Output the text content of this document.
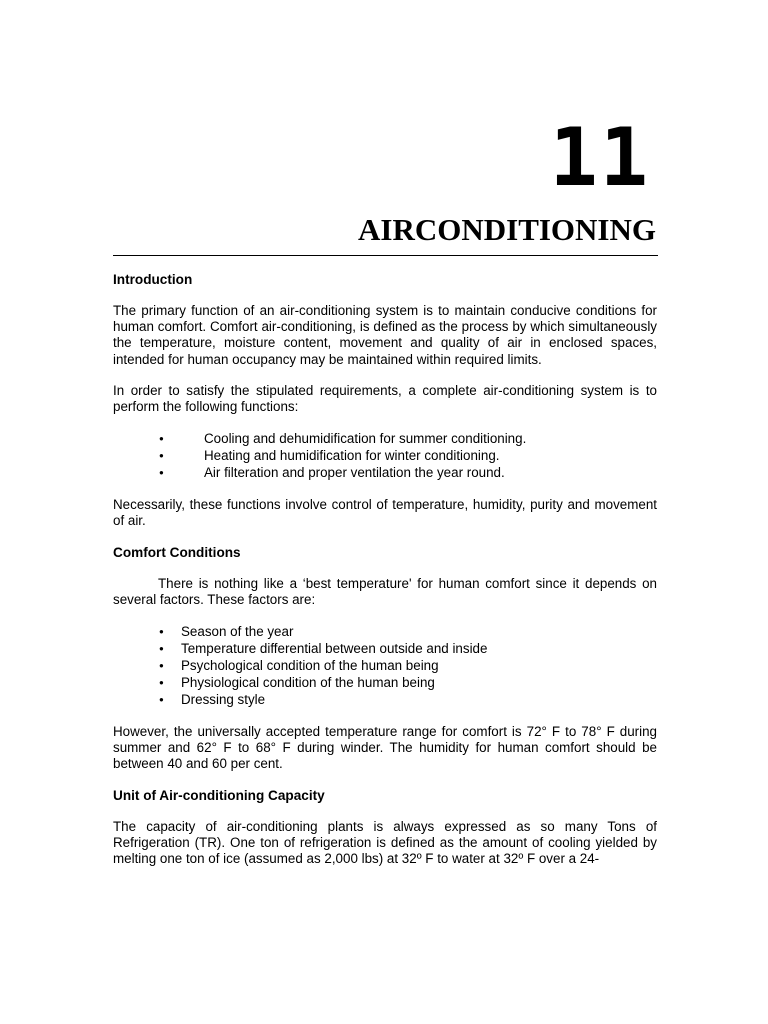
11
AIRCONDITIONING
Introduction

The primary function of an air-conditioning system is to maintain conducive conditions for human comfort. Comfort air-conditioning, is defined as the process by which simultaneously the temperature, moisture content, movement and quality of air in enclosed spaces, intended for human occupancy may be maintained within required limits.

In order to satisfy the stipulated requirements, a complete air-conditioning system is to perform the following functions:

●	Cooling and dehumidification for summer conditioning.
●	Heating and humidification for winter conditioning.
●	Air filteration and proper ventilation the year round.

Necessarily, these functions involve control of temperature, humidity, purity and movement of air.

Comfort Conditions

There is nothing like a ‘best temperature' for human comfort since it depends on several factors. These factors are:

● Season of the year
● Temperature differential between outside and inside
● Psychological condition of the human being
● Physiological condition of the human being
● Dressing style

However, the universally accepted temperature range for comfort is 72° F to 78° F during summer and 62° F to 68° F during winder. The humidity for human comfort should be between 40 and 60 per cent.

Unit of Air-conditioning Capacity

The capacity of air-conditioning plants is always expressed as so many Tons of Refrigeration (TR). One ton of refrigeration is defined as the amount of cooling yielded by melting one ton of ice (assumed as 2,000 lbs) at 32º F to water at 32º F over a 24-
